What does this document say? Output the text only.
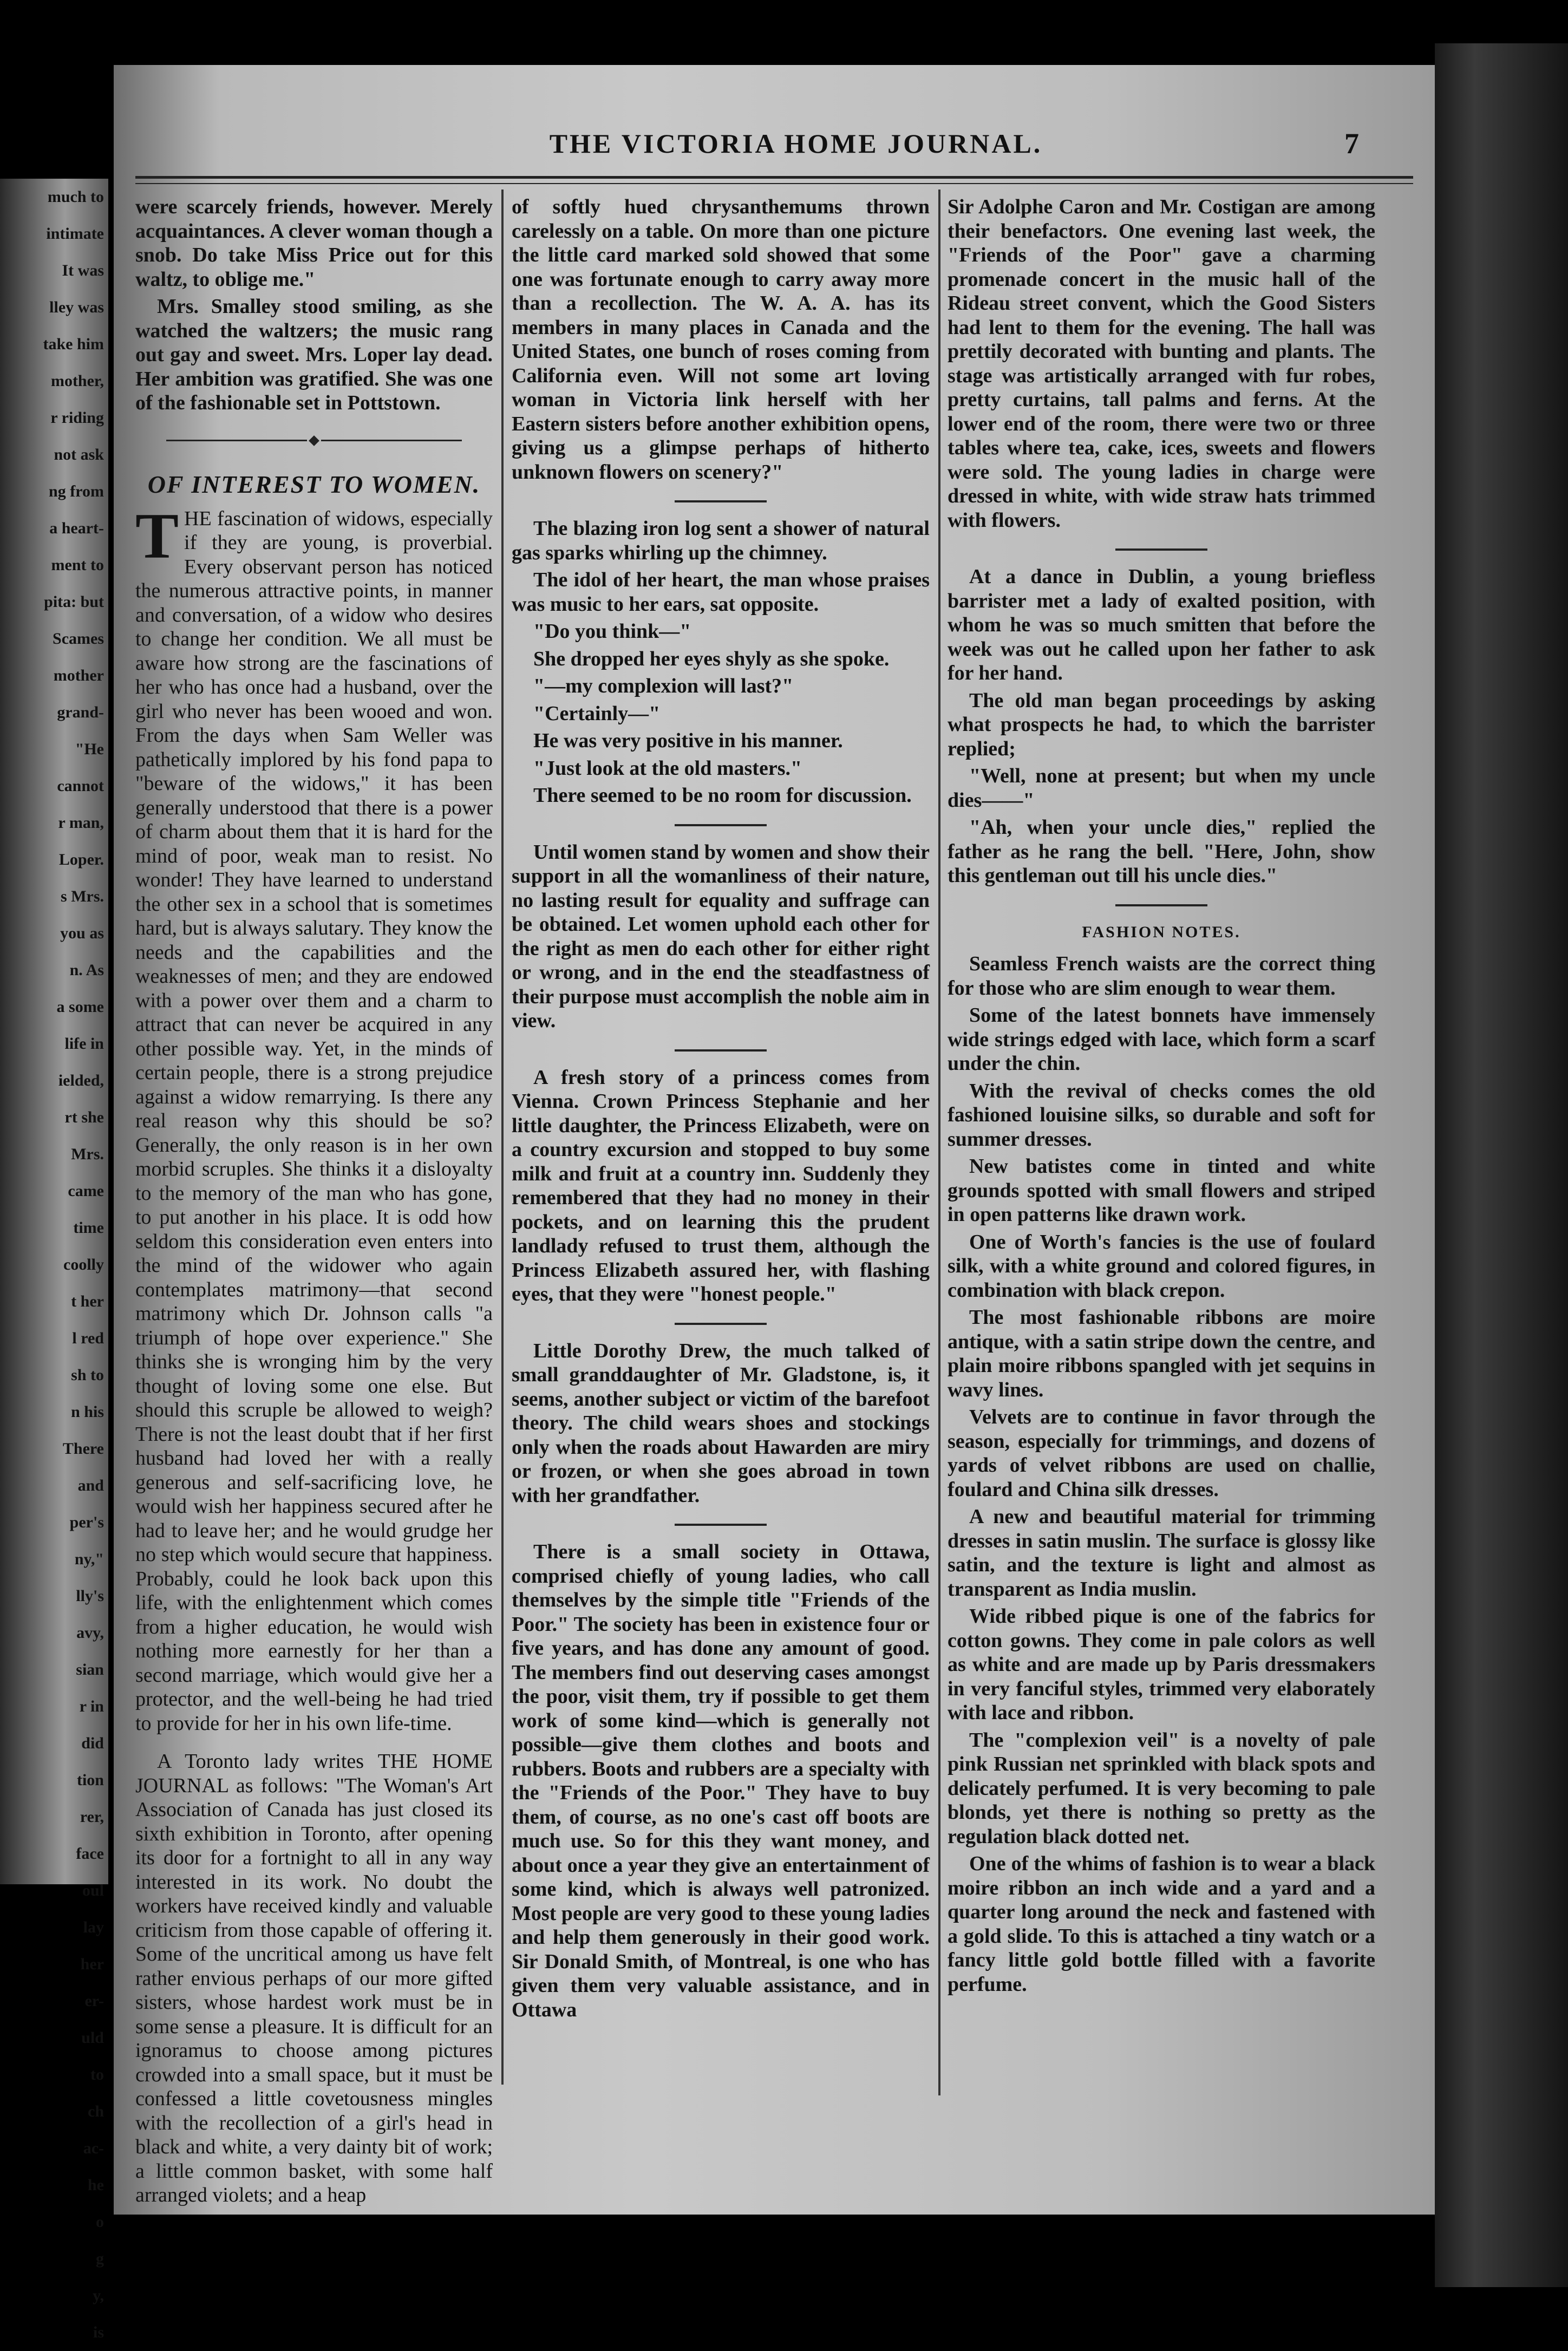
much to

intimate

It was

lley was

take him

mother,

r riding

not ask

ng from

a heart-

ment to

pita: but

Scames

mother

grand-

"He

cannot

r man,

Loper.

s Mrs.

you as

n. As

a some

life in

ielded,

rt she

Mrs.

came

time

coolly

t her

l red

sh to

n his

There

and

per's

ny,"

lly's

avy,

sian

r in

did

tion

rer,

face

oul

lay

her

er-

uld

to

ch

ac-

he

o

g

y,

is

THE VICTORIA HOME JOURNAL.	7

were scarcely friends, however. Merely acquaintances. A clever woman though a snob. Do take Miss Price out for this waltz, to oblige me."

Mrs. Smalley stood smiling, as she watched the waltzers; the music rang out gay and sweet. Mrs. Loper lay dead. Her ambition was gratified. She was one of the fashionable set in Pottstown.

OF INTEREST TO WOMEN.

THE fascination of widows, especially if they are young, is proverbial. Every observant person has noticed the numerous attractive points, in manner and conversation, of a widow who desires to change her condition. We all must be aware how strong are the fascinations of her who has once had a husband, over the girl who never has been wooed and won. From the days when Sam Weller was pathetically implored by his fond papa to "beware of the widows," it has been generally understood that there is a power of charm about them that it is hard for the mind of poor, weak man to resist. No wonder! They have learned to understand the other sex in a school that is sometimes hard, but is always salutary. They know the needs and the capabilities and the weaknesses of men; and they are endowed with a power over them and a charm to attract that can never be acquired in any other possible way. Yet, in the minds of certain people, there is a strong prejudice against a widow remarrying. Is there any real reason why this should be so? Generally, the only reason is in her own morbid scruples. She thinks it a disloyalty to the memory of the man who has gone, to put another in his place. It is odd how seldom this consideration even enters into the mind of the widower who again contemplates matrimony—that second matrimony which Dr. Johnson calls "a triumph of hope over experience." She thinks she is wronging him by the very thought of loving some one else. But should this scruple be allowed to weigh? There is not the least doubt that if her first husband had loved her with a really generous and self-sacrificing love, he would wish her happiness secured after he had to leave her; and he would grudge her no step which would secure that happiness. Probably, could he look back upon this life, with the enlightenment which comes from a higher education, he would wish nothing more earnestly for her than a second marriage, which would give her a protector, and the well-being he had tried to provide for her in his own life-time.

A Toronto lady writes THE HOME JOURNAL as follows: "The Woman's Art Association of Canada has just closed its sixth exhibition in Toronto, after opening its door for a fortnight to all in any way interested in its work. No doubt the workers have received kindly and valuable criticism from those capable of offering it. Some of the uncritical among us have felt rather envious perhaps of our more gifted sisters, whose hardest work must be in some sense a pleasure. It is difficult for an ignoramus to choose among pictures crowded into a small space, but it must be confessed a little covetousness mingles with the recollection of a girl's head in black and white, a very dainty bit of work; a little common basket, with some half arranged violets; and a heap

of softly hued chrysanthemums thrown carelessly on a table. On more than one picture the little card marked sold showed that some one was fortunate enough to carry away more than a recollection. The W. A. A. has its members in many places in Canada and the United States, one bunch of roses coming from California even. Will not some art loving woman in Victoria link herself with her Eastern sisters before another exhibition opens, giving us a glimpse perhaps of hitherto unknown flowers on scenery?"

The blazing iron log sent a shower of natural gas sparks whirling up the chimney.

The idol of her heart, the man whose praises was music to her ears, sat opposite.

"Do you think—"

She dropped her eyes shyly as she spoke.

"—my complexion will last?"

"Certainly—"

He was very positive in his manner.

"Just look at the old masters."

There seemed to be no room for discussion.

Until women stand by women and show their support in all the womanliness of their nature, no lasting result for equality and suffrage can be obtained. Let women uphold each other for the right as men do each other for either right or wrong, and in the end the steadfastness of their purpose must accomplish the noble aim in view.

A fresh story of a princess comes from Vienna. Crown Princess Stephanie and her little daughter, the Princess Elizabeth, were on a country excursion and stopped to buy some milk and fruit at a country inn. Suddenly they remembered that they had no money in their pockets, and on learning this the prudent landlady refused to trust them, although the Princess Elizabeth assured her, with flashing eyes, that they were "honest people."

Little Dorothy Drew, the much talked of small granddaughter of Mr. Gladstone, is, it seems, another subject or victim of the barefoot theory. The child wears shoes and stockings only when the roads about Hawarden are miry or frozen, or when she goes abroad in town with her grandfather.

There is a small society in Ottawa, comprised chiefly of young ladies, who call themselves by the simple title "Friends of the Poor." The society has been in existence four or five years, and has done any amount of good. The members find out deserving cases amongst the poor, visit them, try if possible to get them work of some kind—which is generally not possible—give them clothes and boots and rubbers. Boots and rubbers are a specialty with the "Friends of the Poor." They have to buy them, of course, as no one's cast off boots are much use. So for this they want money, and about once a year they give an entertainment of some kind, which is always well patronized. Most people are very good to these young ladies and help them generously in their good work. Sir Donald Smith, of Montreal, is one who has given them very valuable assistance, and in Ottawa

Sir Adolphe Caron and Mr. Costigan are among their benefactors. One evening last week, the "Friends of the Poor" gave a charming promenade concert in the music hall of the Rideau street convent, which the Good Sisters had lent to them for the evening. The hall was prettily decorated with bunting and plants. The stage was artistically arranged with fur robes, pretty curtains, tall palms and ferns. At the lower end of the room, there were two or three tables where tea, cake, ices, sweets and flowers were sold. The young ladies in charge were dressed in white, with wide straw hats trimmed with flowers.

At a dance in Dublin, a young briefless barrister met a lady of exalted position, with whom he was so much smitten that before the week was out he called upon her father to ask for her hand.

The old man began proceedings by asking what prospects he had, to which the barrister replied;

"Well, none at present; but when my uncle dies——"

"Ah, when your uncle dies," replied the father as he rang the bell. "Here, John, show this gentleman out till his uncle dies."

FASHION NOTES.

Seamless French waists are the correct thing for those who are slim enough to wear them.

Some of the latest bonnets have immensely wide strings edged with lace, which form a scarf under the chin.

With the revival of checks comes the old fashioned louisine silks, so durable and soft for summer dresses.

New batistes come in tinted and white grounds spotted with small flowers and striped in open patterns like drawn work.

One of Worth's fancies is the use of foulard silk, with a white ground and colored figures, in combination with black crepon.

The most fashionable ribbons are moire antique, with a satin stripe down the centre, and plain moire ribbons spangled with jet sequins in wavy lines.

Velvets are to continue in favor through the season, especially for trimmings, and dozens of yards of velvet ribbons are used on challie, foulard and China silk dresses.

A new and beautiful material for trimming dresses in satin muslin. The surface is glossy like satin, and the texture is light and almost as transparent as India muslin.

Wide ribbed pique is one of the fabrics for cotton gowns. They come in pale colors as well as white and are made up by Paris dressmakers in very fanciful styles, trimmed very elaborately with lace and ribbon.

The "complexion veil" is a novelty of pale pink Russian net sprinkled with black spots and delicately perfumed. It is very becoming to pale blonds, yet there is nothing so pretty as the regulation black dotted net.

One of the whims of fashion is to wear a black moire ribbon an inch wide and a yard and a quarter long around the neck and fastened with a gold slide. To this is attached a tiny watch or a fancy little gold bottle filled with a favorite perfume.
